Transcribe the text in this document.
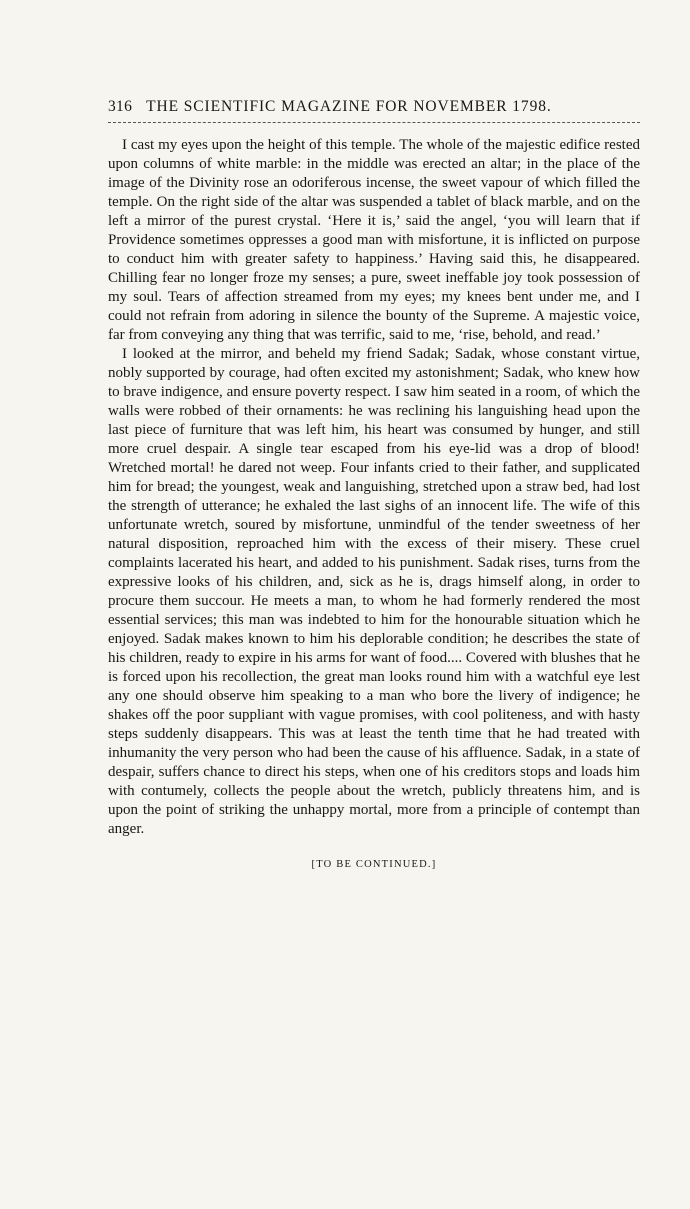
316 THE SCIENTIFIC MAGAZINE FOR NOVEMBER 1798.

I cast my eyes upon the height of this temple. The whole of the majestic edifice rested upon columns of white marble: in the middle was erected an altar; in the place of the image of the Divinity rose an odoriferous incense, the sweet vapour of which filled the temple. On the right side of the altar was suspended a tablet of black marble, and on the left a mirror of the purest crystal. ‘Here it is,’ said the angel, ‘you will learn that if Providence sometimes oppresses a good man with misfortune, it is inflicted on purpose to conduct him with greater safety to happiness.’ Having said this, he disappeared. Chilling fear no longer froze my senses; a pure, sweet ineffable joy took possession of my soul. Tears of affection streamed from my eyes; my knees bent under me, and I could not refrain from adoring in silence the bounty of the Supreme. A majestic voice, far from conveying any thing that was terrific, said to me, ‘rise, behold, and read.’

I looked at the mirror, and beheld my friend Sadak; Sadak, whose constant virtue, nobly supported by courage, had often excited my astonishment; Sadak, who knew how to brave indigence, and ensure poverty respect. I saw him seated in a room, of which the walls were robbed of their ornaments: he was reclining his languishing head upon the last piece of furniture that was left him, his heart was consumed by hunger, and still more cruel despair. A single tear escaped from his eye-lid was a drop of blood! Wretched mortal! he dared not weep. Four infants cried to their father, and supplicated him for bread; the youngest, weak and languishing, stretched upon a straw bed, had lost the strength of utterance; he exhaled the last sighs of an innocent life. The wife of this unfortunate wretch, soured by misfortune, unmindful of the tender sweetness of her natural disposition, reproached him with the excess of their misery. These cruel complaints lacerated his heart, and added to his punishment. Sadak rises, turns from the expressive looks of his children, and, sick as he is, drags himself along, in order to procure them succour. He meets a man, to whom he had formerly rendered the most essential services; this man was indebted to him for the honourable situation which he enjoyed. Sadak makes known to him his deplorable condition; he describes the state of his children, ready to expire in his arms for want of food.... Covered with blushes that he is forced upon his recollection, the great man looks round him with a watchful eye lest any one should observe him speaking to a man who bore the livery of indigence; he shakes off the poor suppliant with vague promises, with cool politeness, and with hasty steps suddenly disappears. This was at least the tenth time that he had treated with inhumanity the very person who had been the cause of his affluence. Sadak, in a state of despair, suffers chance to direct his steps, when one of his creditors stops and loads him with contumely, collects the people about the wretch, publicly threatens him, and is upon the point of striking the unhappy mortal, more from a principle of contempt than anger.

[TO BE CONTINUED.]
